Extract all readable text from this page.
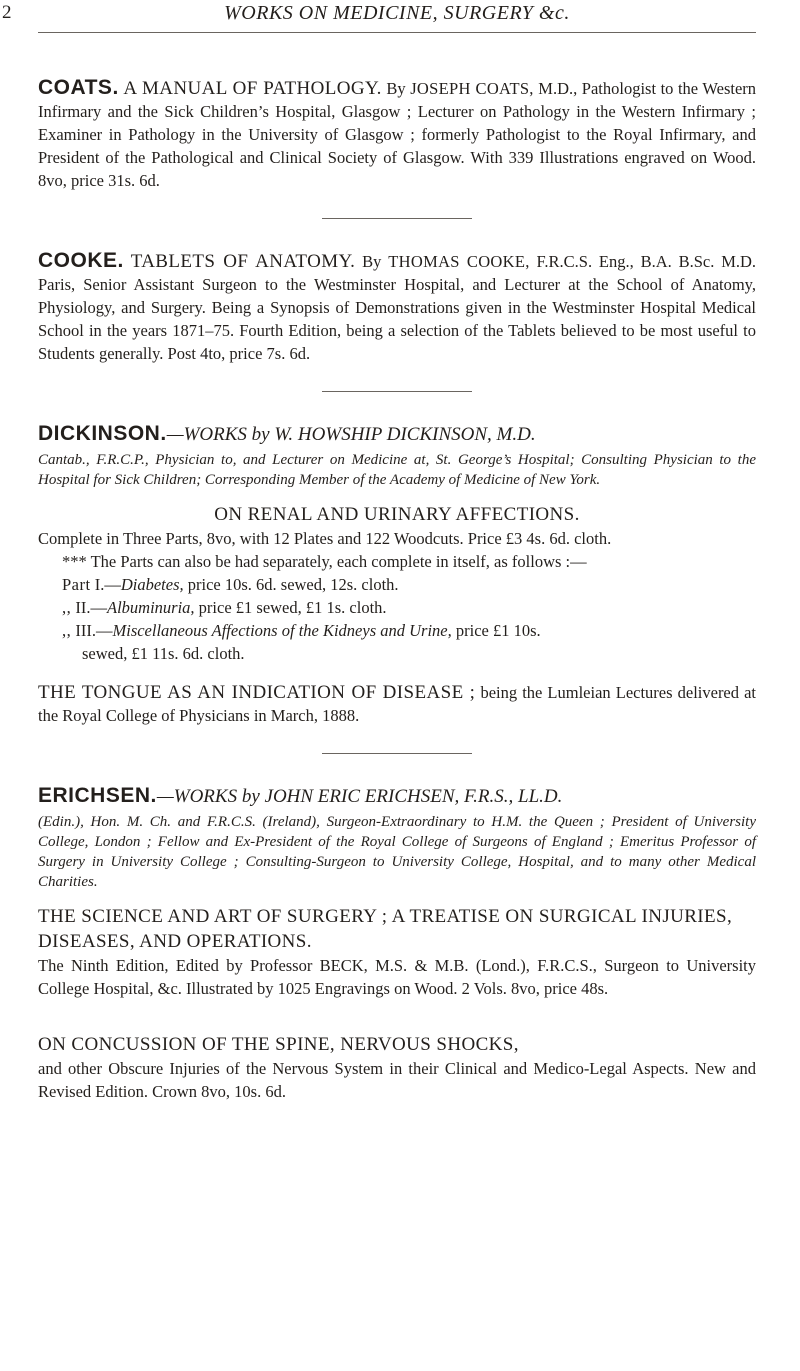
2	WORKS ON MEDICINE, SURGERY &c.
COATS. A MANUAL OF PATHOLOGY. By JOSEPH COATS, M.D., Pathologist to the Western Infirmary and the Sick Children’s Hospital, Glasgow ; Lecturer on Pathology in the Western Infirmary ; Examiner in Pathology in the University of Glasgow ; formerly Pathologist to the Royal Infirmary, and President of the Pathological and Clinical Society of Glasgow. With 339 Illustrations engraved on Wood. 8vo, price 31s. 6d.
COOKE. TABLETS OF ANATOMY. By THOMAS COOKE, F.R.C.S. Eng., B.A. B.Sc. M.D. Paris, Senior Assistant Surgeon to the Westminster Hospital, and Lecturer at the School of Anatomy, Physiology, and Surgery. Being a Synopsis of Demonstrations given in the Westminster Hospital Medical School in the years 1871–75. Fourth Edition, being a selection of the Tablets believed to be most useful to Students generally. Post 4to, price 7s. 6d.
DICKINSON.—WORKS by W. HOWSHIP DICKINSON, M.D.
Cantab., F.R.C.P., Physician to, and Lecturer on Medicine at, St. George’s Hospital; Consulting Physician to the Hospital for Sick Children; Corresponding Member of the Academy of Medicine of New York.
ON RENAL AND URINARY AFFECTIONS.
Complete in Three Parts, 8vo, with 12 Plates and 122 Woodcuts. Price £3 4s. 6d. cloth.
*** The Parts can also be had separately, each complete in itself, as follows :—
Part I.—Diabetes, price 10s. 6d. sewed, 12s. cloth.
,, II.—Albuminuria, price £1 sewed, £1 1s. cloth.
,, III.—Miscellaneous Affections of the Kidneys and Urine, price £1 10s.
sewed, £1 11s. 6d. cloth.
THE TONGUE AS AN INDICATION OF DISEASE ; being the Lumleian Lectures delivered at the Royal College of Physicians in March, 1888.
ERICHSEN.—WORKS by JOHN ERIC ERICHSEN, F.R.S., LL.D.
(Edin.), Hon. M. Ch. and F.R.C.S. (Ireland), Surgeon-Extraordinary to H.M. the Queen ; President of University College, London ; Fellow and Ex-President of the Royal College of Surgeons of England ; Emeritus Professor of Surgery in University College ; Consulting-Surgeon to University College, Hospital, and to many other Medical Charities.
THE SCIENCE AND ART OF SURGERY ; A TREATISE ON SURGICAL INJURIES, DISEASES, AND OPERATIONS.
The Ninth Edition, Edited by Professor BECK, M.S. & M.B. (Lond.), F.R.C.S., Surgeon to University College Hospital, &c. Illustrated by 1025 Engravings on Wood. 2 Vols. 8vo, price 48s.
ON CONCUSSION OF THE SPINE, NERVOUS SHOCKS,
and other Obscure Injuries of the Nervous System in their Clinical and Medico-Legal Aspects. New and Revised Edition. Crown 8vo, 10s. 6d.
